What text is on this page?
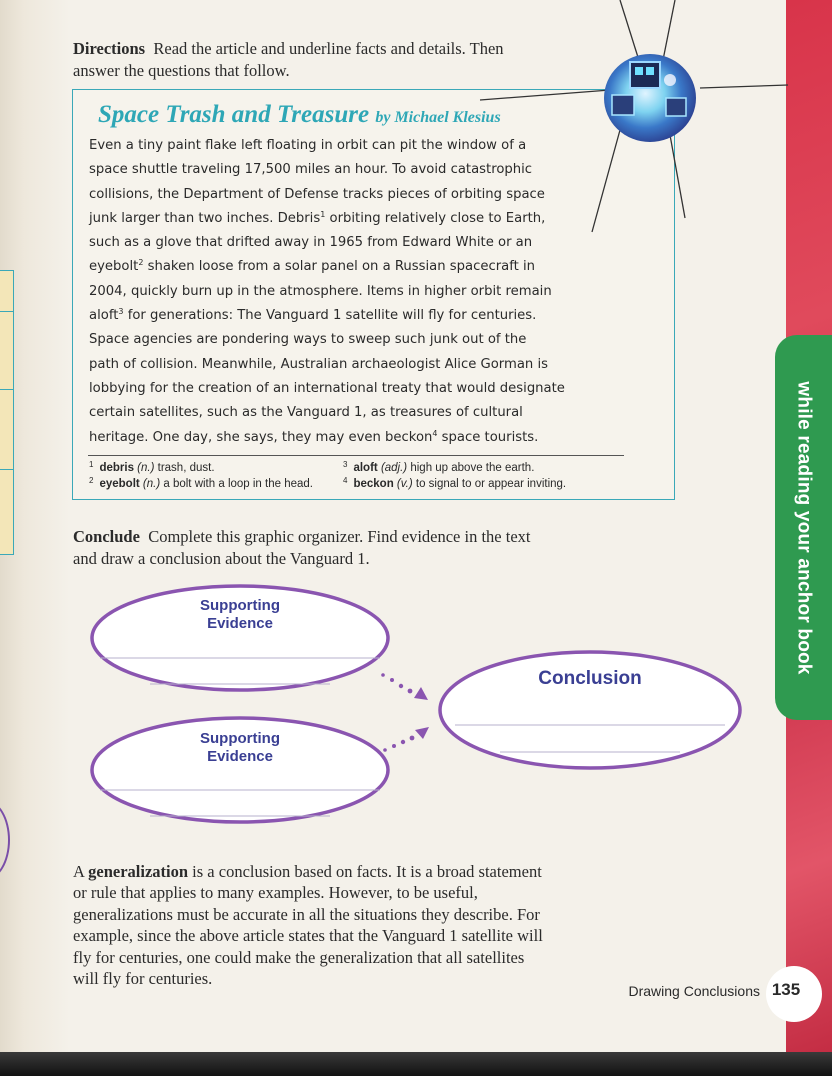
while reading your anchor book
Directions Read the article and underline facts and details. Then
answer the questions that follow.
Space Trash and Treasure by Michael Klesius
Even a tiny paint flake left floating in orbit can pit the window of a
space shuttle traveling 17,500 miles an hour. To avoid catastrophic
collisions, the Department of Defense tracks pieces of orbiting space
junk larger than two inches. Debris$^1$ orbiting relatively close to Earth,
such as a glove that drifted away in 1965 from Edward White or an
eyebolt$^2$ shaken loose from a solar panel on a Russian spacecraft in
2004, quickly burn up in the atmosphere. Items in higher orbit remain
aloft$^3$ for generations: The Vanguard 1 satellite will fly for centuries.
Space agencies are pondering ways to sweep such junk out of the
path of collision. Meanwhile, Australian archaeologist Alice Gorman is
lobbying for the creation of an international treaty that would designate
certain satellites, such as the Vanguard 1, as treasures of cultural
heritage. One day, she says, they may even beckon$^4$ space tourists.
$^1$ debris (n.) trash, dust.
$^2$ eyebolt (n.) a bolt with a loop in the head.
$^3$ aloft (adj.) high up above the earth.
$^4$ beckon (v.) to signal to or appear inviting.
Conclude Complete this graphic organizer. Find evidence in the text
and draw a conclusion about the Vanguard 1.
Supporting
Evidence
Supporting
Evidence
Conclusion
A generalization is a conclusion based on facts. It is a broad statement
or rule that applies to many examples. However, to be useful,
generalizations must be accurate in all the situations they describe. For
example, since the above article states that the Vanguard 1 satellite will
fly for centuries, one could make the generalization that all satellites
will fly for centuries.
Drawing Conclusions 135
